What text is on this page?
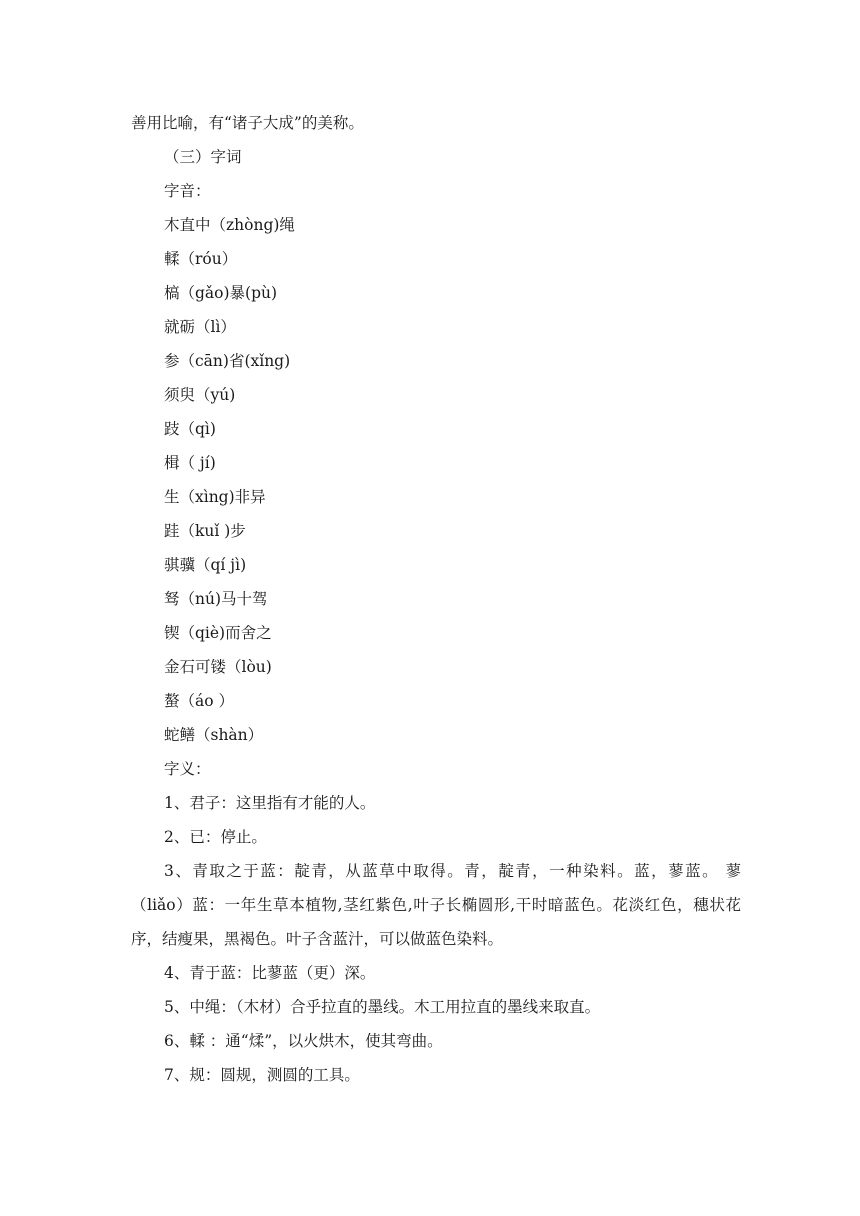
善用比喻，有“诸子大成”的美称。
（三）字词
字音：
木直中（zhòng)绳
輮（róu）
槁（gǎo)暴(pù)
就砺（lì）
参（cān)省(xǐng)
须臾（yú)
跂（qì)
楫（ jí)
生（xìng)非异
跬（kuǐ )步
骐骥（qí jì)
驽（nú)马十驾
锲（qiè)而舍之
金石可镂（lòu)
螯（áo ）
蛇鳝（shàn）
字义：
1、君子：这里指有才能的人。
2、已：停止。
3、青取之于蓝：靛青，从蓝草中取得。青，靛青，一种染料。蓝，蓼蓝。 蓼（liǎo）蓝：一年生草本植物,茎红紫色,叶子长椭圆形,干时暗蓝色。花淡红色，穗状花序，结瘦果，黑褐色。叶子含蓝汁，可以做蓝色染料。
4、青于蓝：比蓼蓝（更）深。
5、中绳：（木材）合乎拉直的墨线。木工用拉直的墨线来取直。
6、輮 ：通“煣”，以火烘木，使其弯曲。
7、规：圆规，测圆的工具。
